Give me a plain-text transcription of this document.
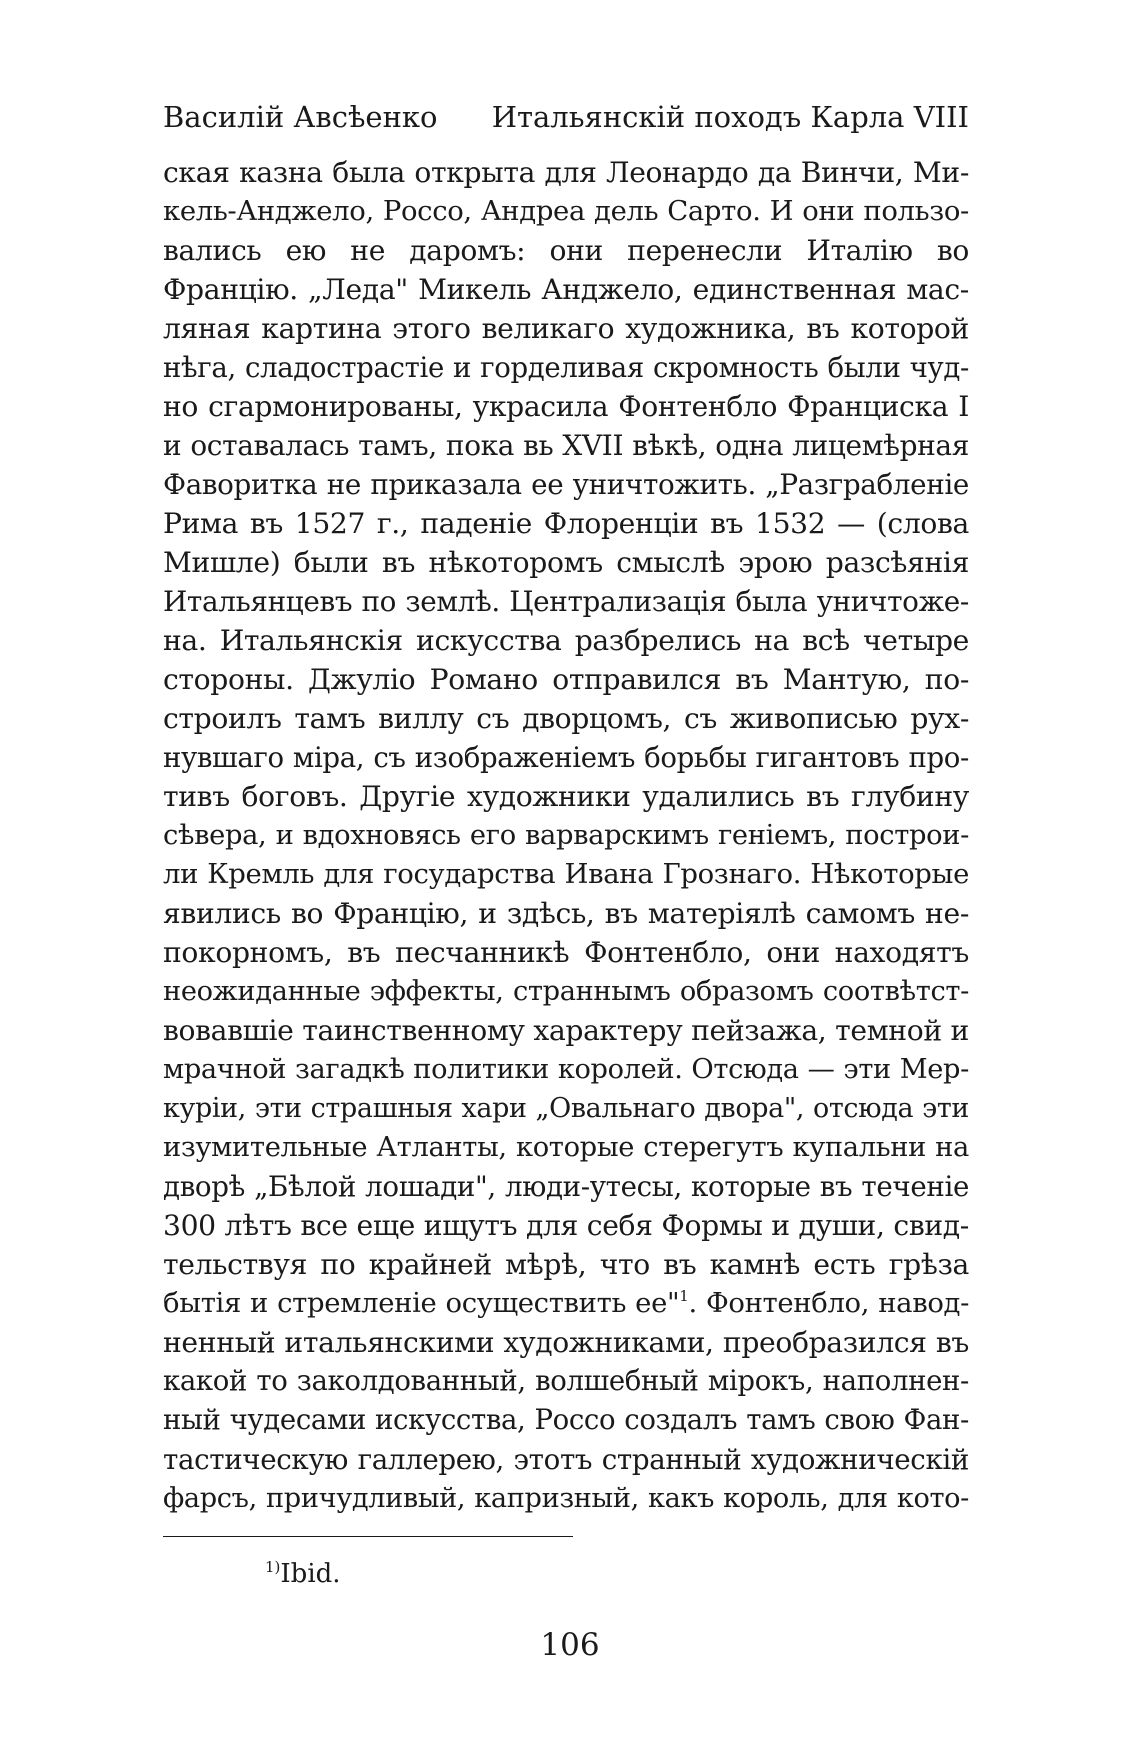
Василій Авсѣенко Итальянскій походъ Карла VIII
ская казна была открыта для Леонардо да Винчи, Ми-
кель-Анджело, Россо, Андреа дель Сарто. И они пользо-
вались ею не даромъ: они перенесли Италію во
Францію. „Леда" Микель Анджело, единственная мас-
ляная картина этого великаго художника, въ которой
нѣга, сладострастіе и горделивая скромность были чуд-
но сгармонированы, украсила Фонтенбло Франциска I
и оставалась тамъ, пока вь XVII вѣкѣ, одна лицемѣрная
Фаворитка не приказала ее уничтожить. „Разграбленіе
Рима въ 1527 г., паденіе Флоренціи въ 1532 — (слова
Мишле) были въ нѣкоторомъ смыслѣ эрою разсѣянія
Итальянцевъ по землѣ. Централизація была уничтоже-
на. Итальянскія искусства разбрелись на всѣ четыре
стороны. Джуліо Романо отправился въ Мантую, по-
строилъ тамъ виллу съ дворцомъ, съ живописью рух-
нувшаго міра, съ изображеніемъ борьбы гигантовъ про-
тивъ боговъ. Другіе художники удалились въ глубину
сѣвера, и вдохновясь его варварскимъ геніемъ, построи-
ли Кремль для государства Ивана Грознаго. Нѣкоторые
явились во Францію, и здѣсь, въ матеріялѣ самомъ не-
покорномъ, въ песчанникѣ Фонтенбло, они находятъ
неожиданные эффекты, страннымъ образомъ соотвѣтст-
вовавшіе таинственному характеру пейзажа, темной и
мрачной загадкѣ политики королей. Отсюда — эти Мер-
куріи, эти страшныя хари „Овальнаго двора", отсюда эти
изумительные Атланты, которые стерегутъ купальни на
дворѣ „Бѣлой лошади", люди-утесы, которые въ теченіе
300 лѣтъ все еще ищутъ для себя Формы и души, свид-
тельствуя по крайней мѣрѣ, что въ камнѣ есть грѣза
бытія и стремленіе осуществить ее"$^1$. Фонтенбло, навод-
ненный итальянскими художниками, преобразился въ
какой то заколдованный, волшебный мірокъ, наполнен-
ный чудесами искусства, Россо создалъ тамъ свою Фан-
тастическую галлерею, этотъ странный художническій
фарсъ, причудливый, капризный, какъ король, для кото-
$^{1)}$Ibid.
106
